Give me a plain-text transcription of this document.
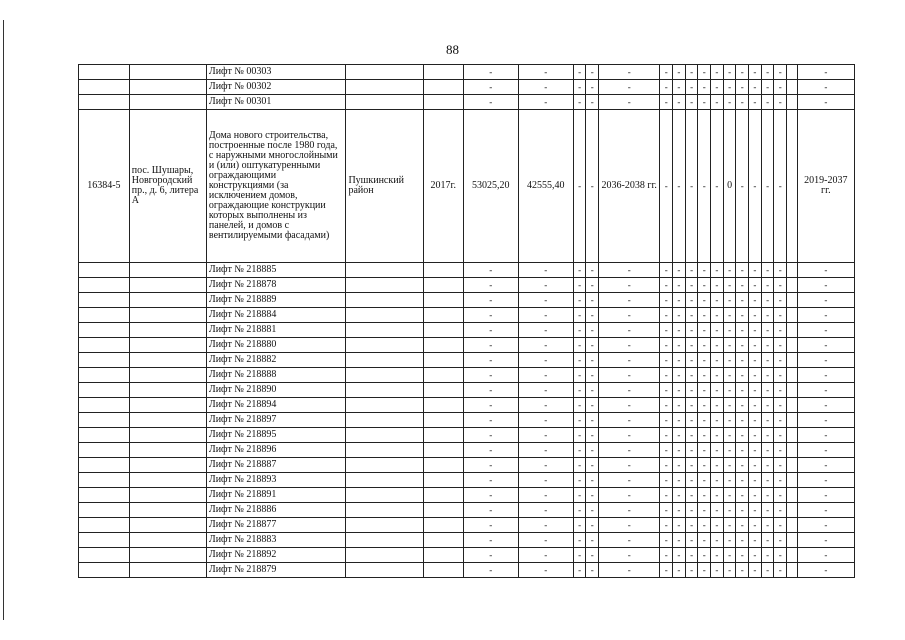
88
		Лифт № 00303			-	-	-	-	-	-	-	-	-	-	-	-	-	-	-		-
		Лифт № 00302			-	-	-	-	-	-	-	-	-	-	-	-	-	-	-		-
		Лифт № 00301			-	-	-	-	-	-	-	-	-	-	-	-	-	-	-		-
16384-5	пос. Шушары, Новгородский пр., д. 6, литера А	Дома нового строительства, построенные после 1980 года, с наружными многослойными и (или) оштукатуренными ограждающими конструкциями (за исключением домов, ограждающие конструкции которых выполнены из панелей, и домов с вентилируемыми фасадами)	Пушкинский район	2017г.	53025,20	42555,40	-	-	2036-2038 гг.	-	-	-	-	-	0	-	-	-	-		2019-2037 гг.
		Лифт № 218885			-	-	-	-	-	-	-	-	-	-	-	-	-	-	-		-
		Лифт № 218878			-	-	-	-	-	-	-	-	-	-	-	-	-	-	-		-
		Лифт № 218889			-	-	-	-	-	-	-	-	-	-	-	-	-	-	-		-
		Лифт № 218884			-	-	-	-	-	-	-	-	-	-	-	-	-	-	-		-
		Лифт № 218881			-	-	-	-	-	-	-	-	-	-	-	-	-	-	-		-
		Лифт № 218880			-	-	-	-	-	-	-	-	-	-	-	-	-	-	-		-
		Лифт № 218882			-	-	-	-	-	-	-	-	-	-	-	-	-	-	-		-
		Лифт № 218888			-	-	-	-	-	-	-	-	-	-	-	-	-	-	-		-
		Лифт № 218890			-	-	-	-	-	-	-	-	-	-	-	-	-	-	-		-
		Лифт № 218894			-	-	-	-	-	-	-	-	-	-	-	-	-	-	-		-
		Лифт № 218897			-	-	-	-	-	-	-	-	-	-	-	-	-	-	-		-
		Лифт № 218895			-	-	-	-	-	-	-	-	-	-	-	-	-	-	-		-
		Лифт № 218896			-	-	-	-	-	-	-	-	-	-	-	-	-	-	-		-
		Лифт № 218887			-	-	-	-	-	-	-	-	-	-	-	-	-	-	-		-
		Лифт № 218893			-	-	-	-	-	-	-	-	-	-	-	-	-	-	-		-
		Лифт № 218891			-	-	-	-	-	-	-	-	-	-	-	-	-	-	-		-
		Лифт № 218886			-	-	-	-	-	-	-	-	-	-	-	-	-	-	-		-
		Лифт № 218877			-	-	-	-	-	-	-	-	-	-	-	-	-	-	-		-
		Лифт № 218883			-	-	-	-	-	-	-	-	-	-	-	-	-	-	-		-
		Лифт № 218892			-	-	-	-	-	-	-	-	-	-	-	-	-	-	-		-
		Лифт № 218879			-	-	-	-	-	-	-	-	-	-	-	-	-	-	-		-
